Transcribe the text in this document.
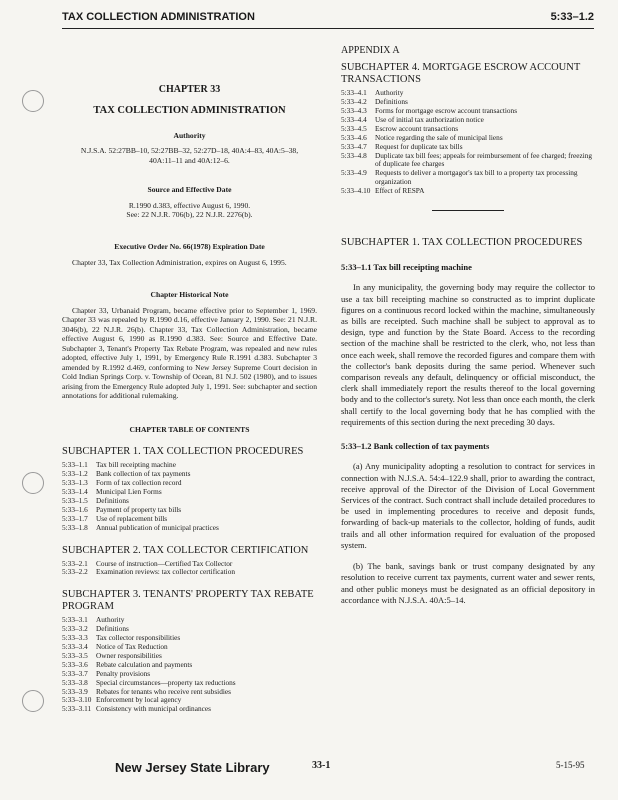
TAX COLLECTION ADMINISTRATION	5:33–1.2
CHAPTER 33
TAX COLLECTION ADMINISTRATION
Authority
N.J.S.A. 52:27BB–10, 52:27BB–32, 52:27D–18, 40A:4–83, 40A:5–38, 40A:11–11 and 40A:12–6.
Source and Effective Date
R.1990 d.383, effective August 6, 1990.
See: 22 N.J.R. 706(b), 22 N.J.R. 2276(b).
Executive Order No. 66(1978) Expiration Date

Chapter 33, Tax Collection Administration, expires on August 6, 1995.

Chapter Historical Note

Chapter 33, Urbanaid Program, became effective prior to September 1, 1969. Chapter 33 was repealed by R.1990 d.16, effective January 2, 1990. See: 21 N.J.R. 3046(b), 22 N.J.R. 26(b). Chapter 33, Tax Collection Administration, became effective August 6, 1990 as R.1990 d.383. See: Source and Effective Date. Subchapter 3, Tenant's Property Tax Rebate Program, was repealed and new rules adopted, effective July 1, 1991, by Emergency Rule R.1991 d.383. Subchapter 3 amended by R.1992 d.469, conforming to New Jersey Supreme Court decision in Cold Indian Springs Corp. v. Township of Ocean, 81 N.J. 502 (1980), and to issues arising from the Emergency Rule adopted July 1, 1991. See: subchapter and section annotations for additional rulemaking.

CHAPTER TABLE OF CONTENTS
SUBCHAPTER 1. TAX COLLECTION PROCEDURES
5:33–1.1	Tax bill receipting machine
5:33–1.2	Bank collection of tax payments
5:33–1.3	Form of tax collection record
5:33–1.4	Municipal Lien Forms
5:33–1.5	Definitions
5:33–1.6	Payment of property tax bills
5:33–1.7	Use of replacement bills
5:33–1.8	Annual publication of municipal practices
SUBCHAPTER 2. TAX COLLECTOR CERTIFICATION
5:33–2.1	Course of instruction—Certified Tax Collector
5:33–2.2	Examination reviews: tax collector certification
SUBCHAPTER 3. TENANTS' PROPERTY TAX REBATE PROGRAM
5:33–3.1	Authority
5:33–3.2	Definitions
5:33–3.3	Tax collector responsibilities
5:33–3.4	Notice of Tax Reduction
5:33–3.5	Owner responsibilities
5:33–3.6	Rebate calculation and payments
5:33–3.7	Penalty provisions
5:33–3.8	Special circumstances—property tax reductions
5:33–3.9	Rebates for tenants who receive rent subsidies
5:33–3.10 Enforcement by local agency
5:33–3.11 Consistency with municipal ordinances
APPENDIX A
SUBCHAPTER 4. MORTGAGE ESCROW ACCOUNT TRANSACTIONS
5:33–4.1	Authority
5:33–4.2	Definitions
5:33–4.3	Forms for mortgage escrow account transactions
5:33–4.4	Use of initial tax authorization notice
5:33–4.5	Escrow account transactions
5:33–4.6	Notice regarding the sale of municipal liens
5:33–4.7	Request for duplicate tax bills
5:33–4.8	Duplicate tax bill fees; appeals for reimbursement of fee charged; freezing of duplicate fee charges
5:33–4.9	Requests to deliver a mortgagor's tax bill to a property tax processing organization
5:33–4.10 Effect of RESPA
SUBCHAPTER 1. TAX COLLECTION PROCEDURES
5:33–1.1 Tax bill receipting machine

In any municipality, the governing body may require the collector to use a tax bill receipting machine so constructed as to imprint duplicate figures on a continuous record locked within the machine, simultaneously as bills are receipted. Such machine shall be subject to approval as to design, type and function by the State Board. Access to the recording section of the machine shall be restricted to the clerk, who, not less than once each week, shall remove the recorded figures and compare them with the collector's bank deposits during the same period. Whenever such comparison reveals any default, delinquency or official misconduct, the clerk shall immediately report the results thereof to the local governing body and to the collector's surety. Not less than once each month, the clerk shall certify to the local governing body that he has complied with the requirements of this section during the next preceding 30 days.

5:33–1.2 Bank collection of tax payments

(a) Any municipality adopting a resolution to contract for services in connection with N.J.S.A. 54:4–122.9 shall, prior to awarding the contract, receive approval of the Director of the Division of Local Government Services of the contract. Such contract shall include detailed procedures to be used in implementing procedures to receive and deposit funds, forwarding of back-up materials to the collector, holding of funds, audit trails and all other information required for evaluation of the proposed system.

(b) The bank, savings bank or trust company designated by any resolution to receive current tax payments, current water and sewer rents, and other public moneys must be designated as an official depository in accordance with N.J.S.A. 40A:5–14.

New Jersey State Library	33-1	5-15-95
